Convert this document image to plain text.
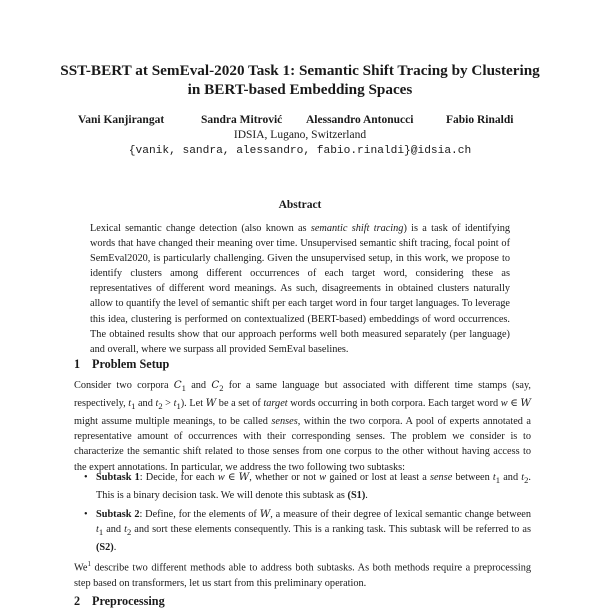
SST-BERT at SemEval-2020 Task 1: Semantic Shift Tracing by Clustering in BERT-based Embedding Spaces
Vani Kanjirangat	Sandra Mitrović Alessandro Antonucci	Fabio Rinaldi
IDSIA, Lugano, Switzerland
{vanik, sandra, alessandro, fabio.rinaldi}@idsia.ch
Abstract
Lexical semantic change detection (also known as semantic shift tracing) is a task of identifying words that have changed their meaning over time. Unsupervised semantic shift tracing, focal point of SemEval2020, is particularly challenging. Given the unsupervised setup, in this work, we propose to identify clusters among different occurrences of each target word, considering these as representatives of different word meanings. As such, disagreements in obtained clusters naturally allow to quantify the level of semantic shift per each target word in four target languages. To leverage this idea, clustering is performed on contextualized (BERT-based) embeddings of word occurrences. The obtained results show that our approach performs well both measured separately (per language) and overall, where we surpass all provided SemEval baselines.
1 Problem Setup
Consider two corpora $C_1$ and $C_2$ for a same language but associated with different time stamps (say, respectively, $t_1$ and $t_2 > t_1$). Let W be a set of target words occurring in both corpora. Each target word w ∈ W might assume multiple meanings, to be called senses, within the two corpora. A pool of experts annotated a representative amount of occurrences with their corresponding senses. The problem we consider is to characterize the semantic shift related to those senses from one corpus to the other without having access to the expert annotations. In particular, we address the two following two subtasks:
• Subtask 1: Decide, for each w ∈ W, whether or not w gained or lost at least a sense between $t_1$ and $t_2$. This is a binary decision task. We will denote this subtask as (S1).
• Subtask 2: Define, for the elements of W, a measure of their degree of lexical semantic change between $t_1$ and $t_2$ and sort these elements consequently. This is a ranking task. This subtask will be referred to as (S2).
We$^1$ describe two different methods able to address both subtasks. As both methods require a preprocessing step based on transformers, let us start from this preliminary operation.
2 Preprocessing
